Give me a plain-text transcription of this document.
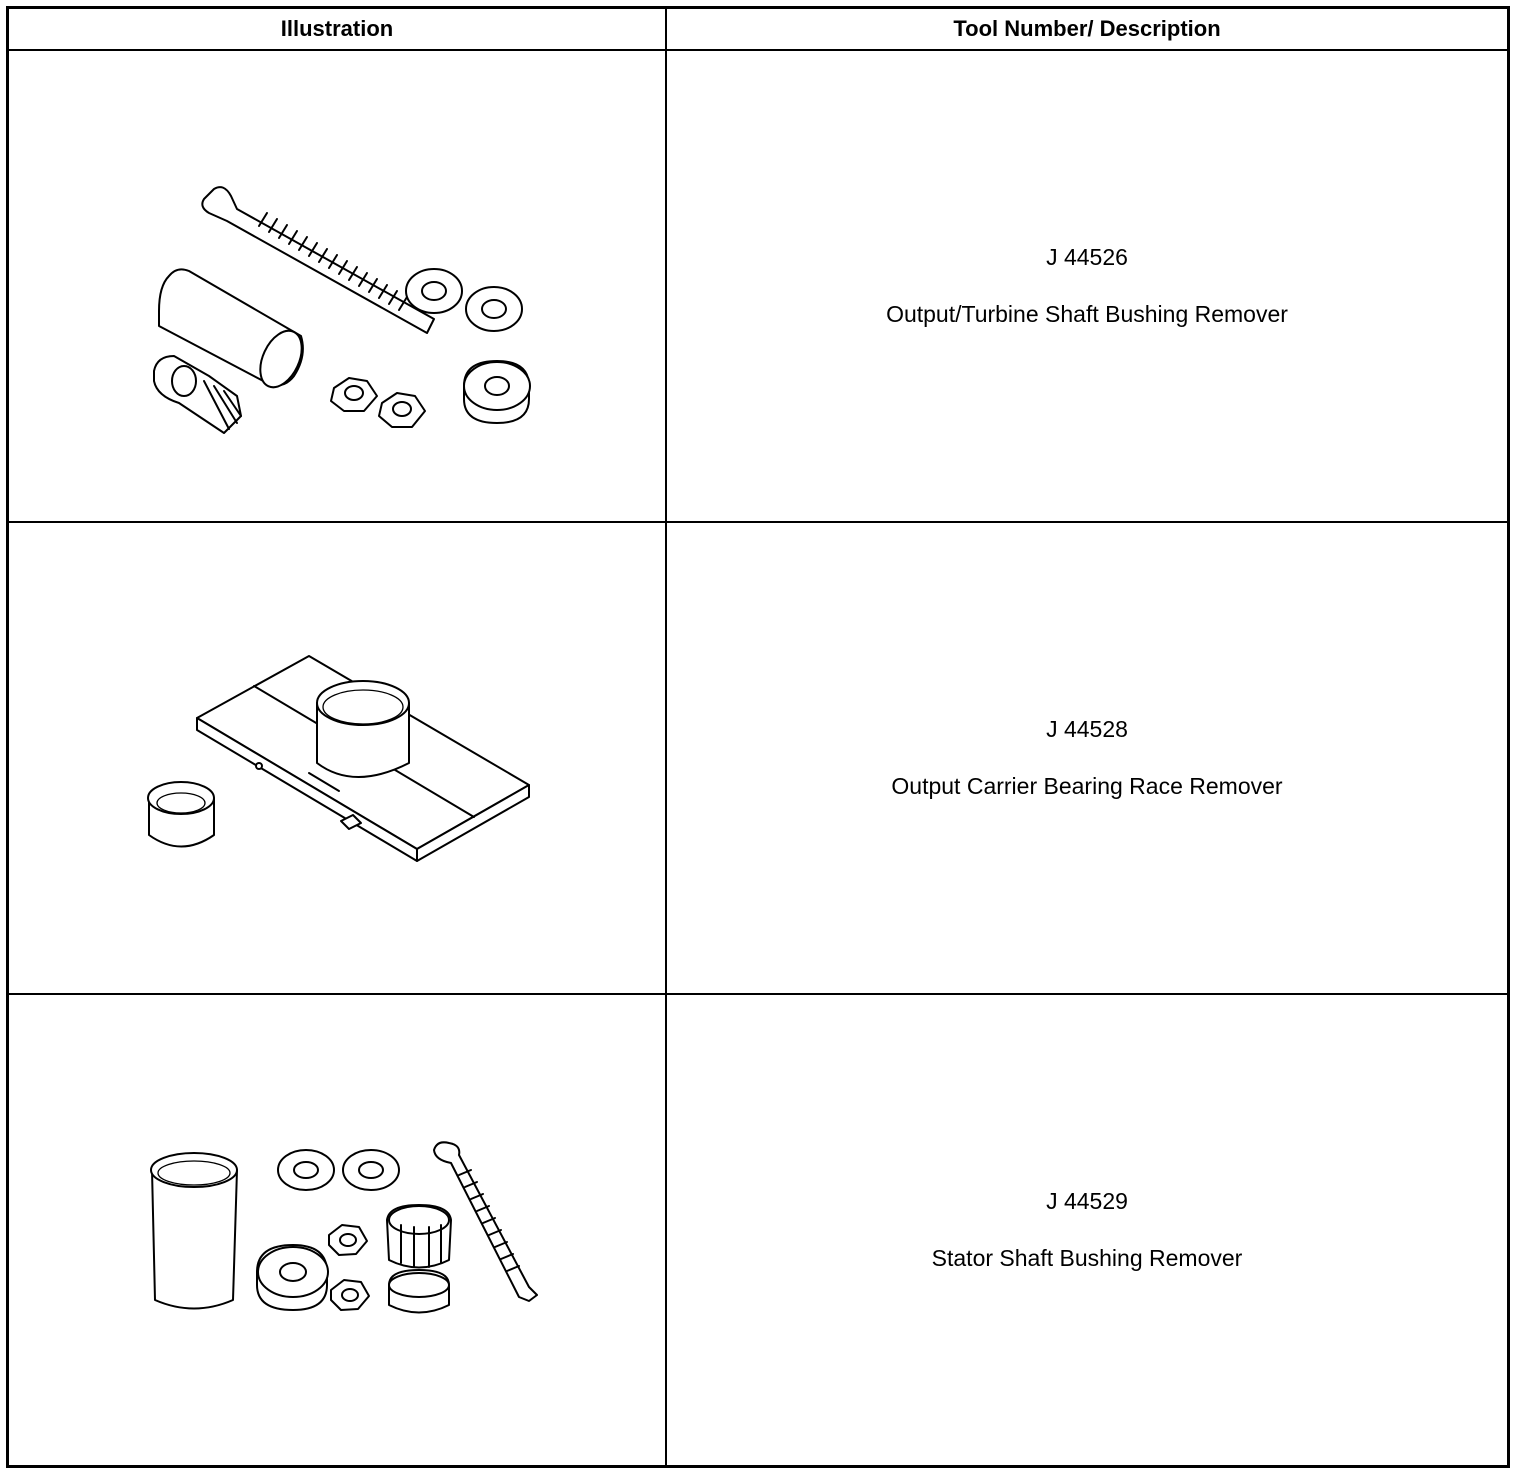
Illustration	Tool Number/ Description

J 44526
Output/Turbine Shaft Bushing Remover

J 44528
Output Carrier Bearing Race Remover

J 44529
Stator Shaft Bushing Remover
